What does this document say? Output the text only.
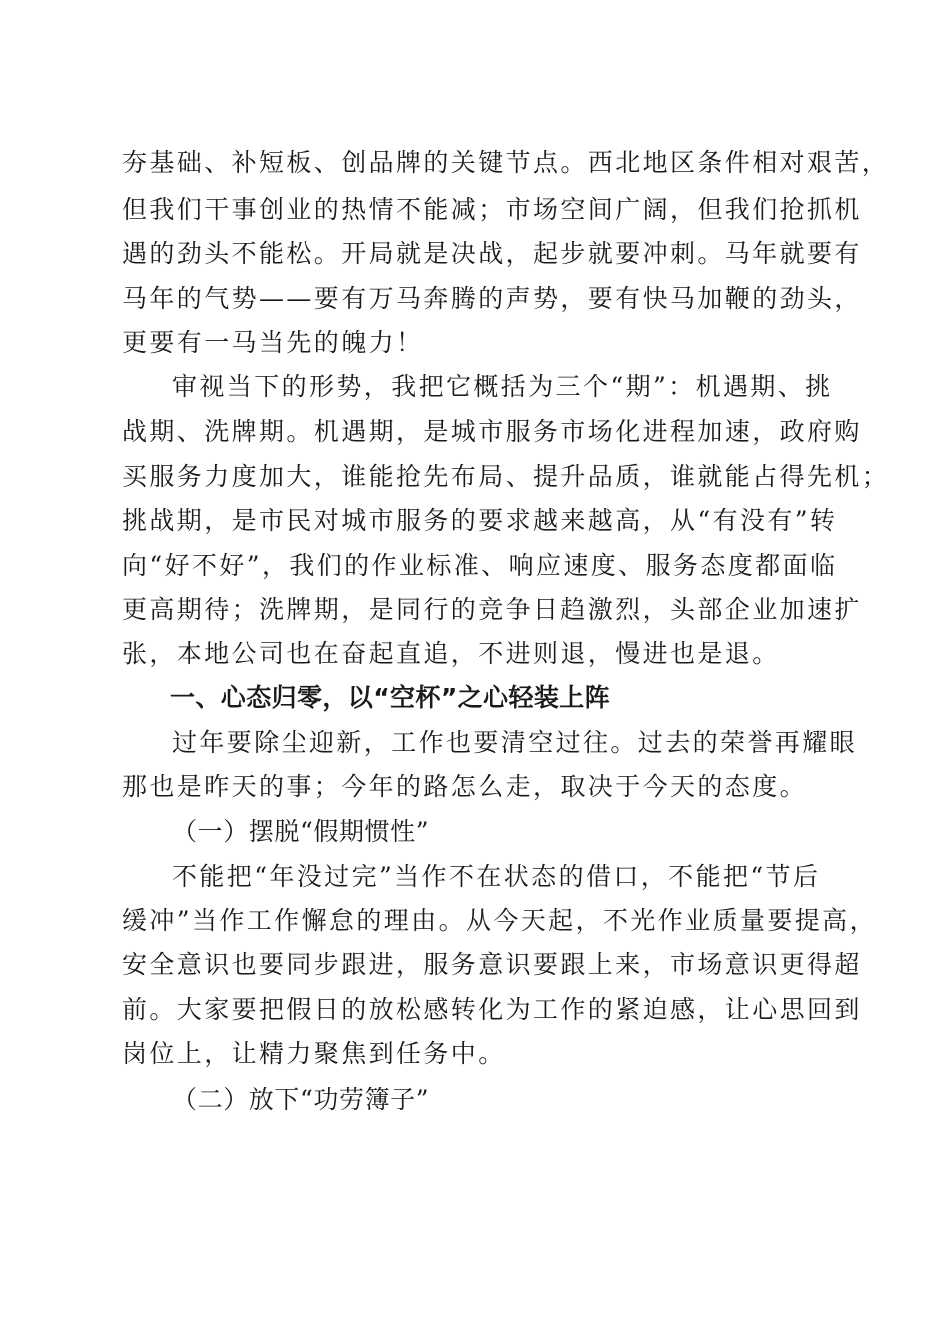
夯基础、补短板、创品牌的关键节点。西北地区条件相对艰苦，
但我们干事创业的热情不能减；市场空间广阔，但我们抢抓机
遇的劲头不能松。开局就是决战，起步就要冲刺。马年就要有
马年的气势——要有万马奔腾的声势，要有快马加鞭的劲头，
更要有一马当先的魄力！
审视当下的形势，我把它概括为三个“期”：机遇期、挑
战期、洗牌期。机遇期，是城市服务市场化进程加速，政府购
买服务力度加大，谁能抢先布局、提升品质，谁就能占得先机；
挑战期，是市民对城市服务的要求越来越高，从“有没有”转
向“好不好”，我们的作业标准、响应速度、服务态度都面临
更高期待；洗牌期，是同行的竞争日趋激烈，头部企业加速扩
张，本地公司也在奋起直追，不进则退，慢进也是退。
一、心态归零，以“空杯”之心轻装上阵
过年要除尘迎新，工作也要清空过往。过去的荣誉再耀眼
那也是昨天的事；今年的路怎么走，取决于今天的态度。
（一）摆脱“假期惯性”
不能把“年没过完”当作不在状态的借口，不能把“节后
缓冲”当作工作懈怠的理由。从今天起，不光作业质量要提高，
安全意识也要同步跟进，服务意识要跟上来，市场意识更得超
前。大家要把假日的放松感转化为工作的紧迫感，让心思回到
岗位上，让精力聚焦到任务中。
（二）放下“功劳簿子”
